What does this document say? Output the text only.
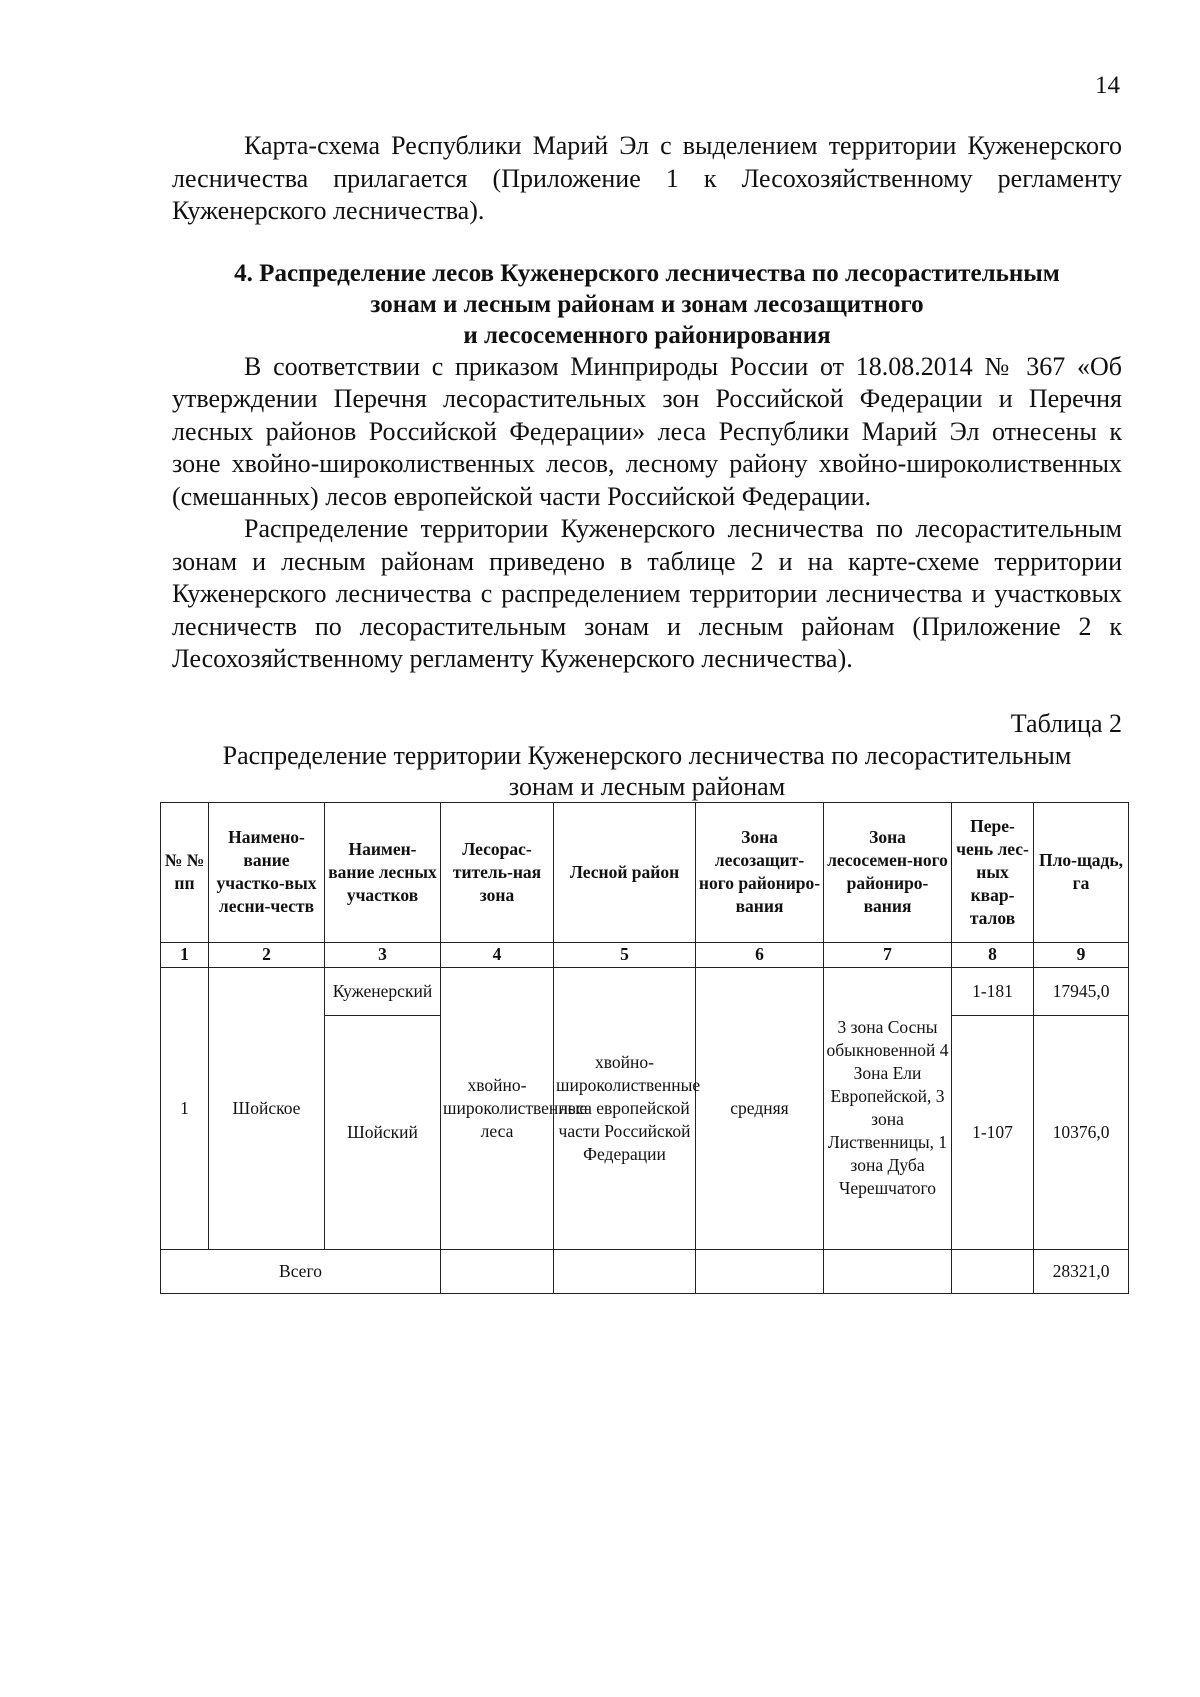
14

Карта-схема Республики Марий Эл с выделением территории Куженерского лесничества прилагается (Приложение 1 к Лесохозяйственному регламенту Куженерского лесничества).

4. Распределение лесов Куженерского лесничества по лесорастительным
зонам и лесным районам и зонам лесозащитного
и лесосеменного районирования

В соответствии с приказом Минприроды России от 18.08.2014 № 367 «Об утверждении Перечня лесорастительных зон Российской Федерации и Перечня лесных районов Российской Федерации» леса Республики Марий Эл отнесены к зоне хвойно-широколиственных лесов, лесному району хвойно-широколиственных (смешанных) лесов европейской части Российской Федерации.

Распределение территории Куженерского лесничества по лесорастительным зонам и лесным районам приведено в таблице 2 и на карте-схеме территории Куженерского лесничества с распределением территории лесничества и участковых лесничеств по лесорастительным зонам и лесным районам (Приложение 2 к Лесохозяйственному регламенту Куженерского лесничества).

Таблица 2

Распределение территории Куженерского лесничества по лесорастительным
зонам и лесным районам
№ № пп	Наимено-вание участко-вых лесни-честв	Наимен-вание лесных участков	Лесорас-титель-ная зона	Лесной район	Зона лесозащит-ного райониро-вания	Зона лесосемен-ного райониро-вания	Пере-чень лес-ных квар-талов	Пло-щадь, га
1	2	3	4	5	6	7	8	9
1	Шойское	Куженерский	хвойно-широколиственные леса	хвойно-широколиственные леса европейской части Российской Федерации	средняя	3 зона Сосны обыкновенной 4 Зона Ели Европейской, 3 зона Лиственницы, 1 зона Дуба Черешчатого	1-181	17945,0
		Шойский					1-107	10376,0
Всего								28321,0
